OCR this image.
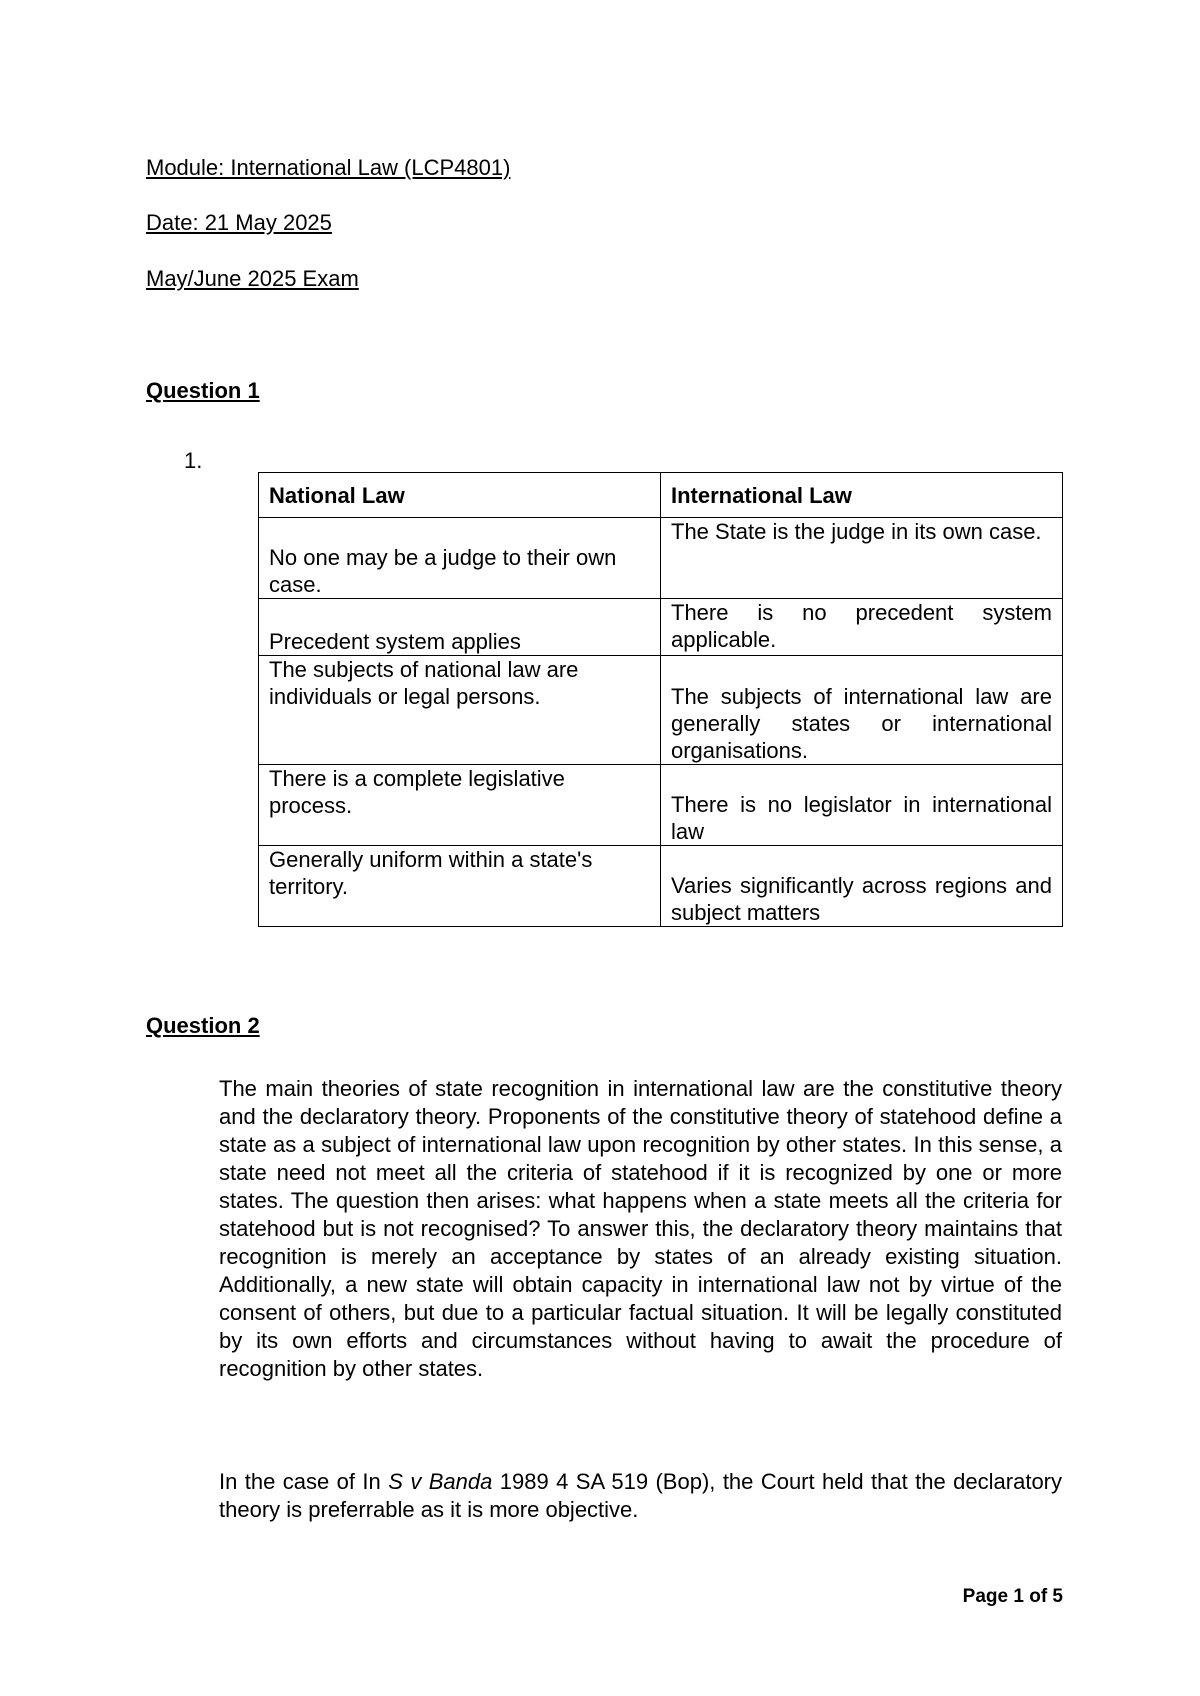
Module: International Law (LCP4801)

Date: 21 May 2025

May/June 2025 Exam

Question 1
1.
National Law	International Law
No one may be a judge to their own case.	The State is the judge in its own case.
Precedent system applies	There is no precedent system applicable.
The subjects of national law are individuals or legal persons.	The subjects of international law are generally states or international organisations.
There is a complete legislative process.	There is no legislator in international law
Generally uniform within a state's territory.	Varies significantly across regions and subject matters
Question 2

The main theories of state recognition in international law are the constitutive theory and the declaratory theory. Proponents of the constitutive theory of statehood define a state as a subject of international law upon recognition by other states. In this sense, a state need not meet all the criteria of statehood if it is recognized by one or more states. The question then arises: what happens when a state meets all the criteria for statehood but is not recognised? To answer this, the declaratory theory maintains that recognition is merely an acceptance by states of an already existing situation. Additionally, a new state will obtain capacity in international law not by virtue of the consent of others, but due to a particular factual situation. It will be legally constituted by its own efforts and circumstances without having to await the procedure of recognition by other states.

In the case of In S v Banda 1989 4 SA 519 (Bop), the Court held that the declaratory theory is preferrable as it is more objective.

Page 1 of 5
